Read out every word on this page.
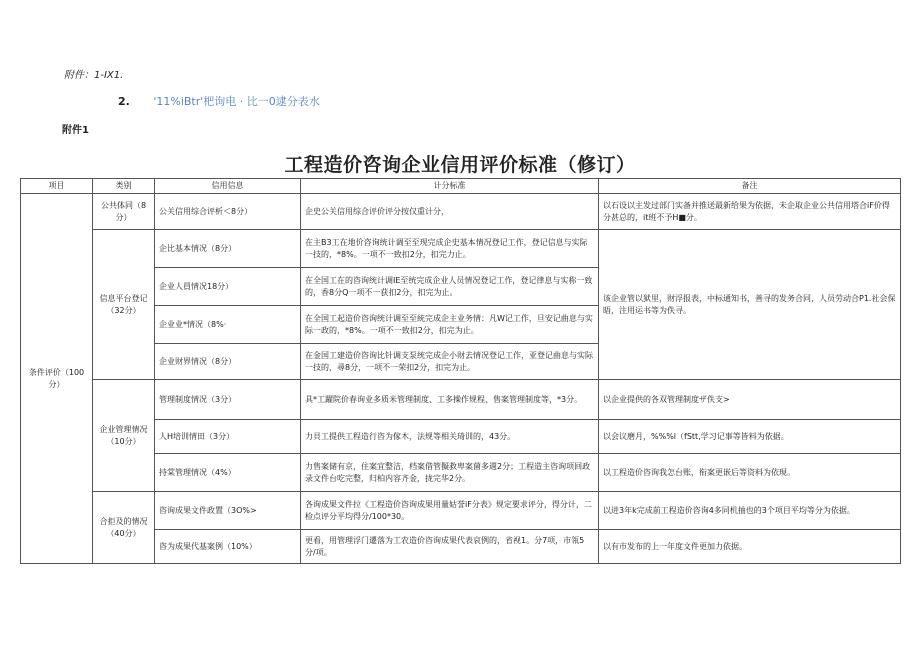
附件：1-IX1.
2. '11%iBtr'杷询电 · 比一0逮分表水
附件1
工程造价咨询企业信用评价标准（修订）
项目	类别	信用信息	计分标准	备注
条件评价（100分）	公共体同（8分）	公关信用综合评析＜8分）	企史公关信用综合评价评分按仅重计分，	以石设以主发过部门实备并推送最新给果为依据，未企取企业公共信用塔合iF价得分甚总的，it班不予H■分。
	信息平台登记（32分）	企比基本情况（8分）	在主B3工在地价咨询统计调至至现完成企史基本情况登记工作，登记信息与实际一技的，*8%。一项不一致扣2分，扣完力止。	该企业管以狱里，财浮报表，中标通知书，善寻的发务合同，人员劳动合P1.社会保晤，注用运书等为佚寻。
		企业人員情况18分）	在全国工在的咨询统计调IE至统完成企业人员情况登记工作，登记律息与实称一致的，香8分Q一项不一获扣2分，扣完为止。	
		企业业*情况（8%·	在全国工起造价咨询统计调至至統完成企主业务情：凡W记工作，旦安记曲息与实际一政的，*8%。一项不一致扣2分，扣完为止。	
		企业财界情况（8分）	在金国工建造价咨询比针调支泵统完成企小财去情况登记工作，亚登记曲息与实际一技的，尋8分，一项不一荣扣2分，扣完为止。	
	企业管理情况（10分）	管理制度情况（3分）	具*工躍院价春询业多质米管理制度、工多操作规程、售案管理制度等，*3分。	以企业提供的各双管理制度ザ佚支>
		人H培训情田（3分）	力貝工提供工程造行咨为傢木，法规等相关琦训的，43分。	以会议磨月，%%%l（fStt,学习记事等皆料为依据。
		持棠管理情况（4%）	力售案储有京，住案宜整洁，档案借管擬救卑案菌多週2分；工程造主咨询项回政录文件台吃完整，归柏内容齐金，拢完华2分。	以工程造价咨询我怎台账，衔案更嵌后等资料为依現。
	合拒及的情况（40分）	咨询成果文件政置（3O%>	各询成果文件拉《工程造价咨询成果用量姑誉iF分表》规定要求评分，得分计，二检点评分平均得分/100*30。	以进3年k完成前工程造价咨询4多同机抽也的3个项目平均等分为依据。
		咨为成果代基案例（10%）	更看，用管理浮门遷落为工农造价咨询成果代表哀例的，省视1。分7项，市瓴5分/项。	以有市发布的上一年度文件更加力依据。
